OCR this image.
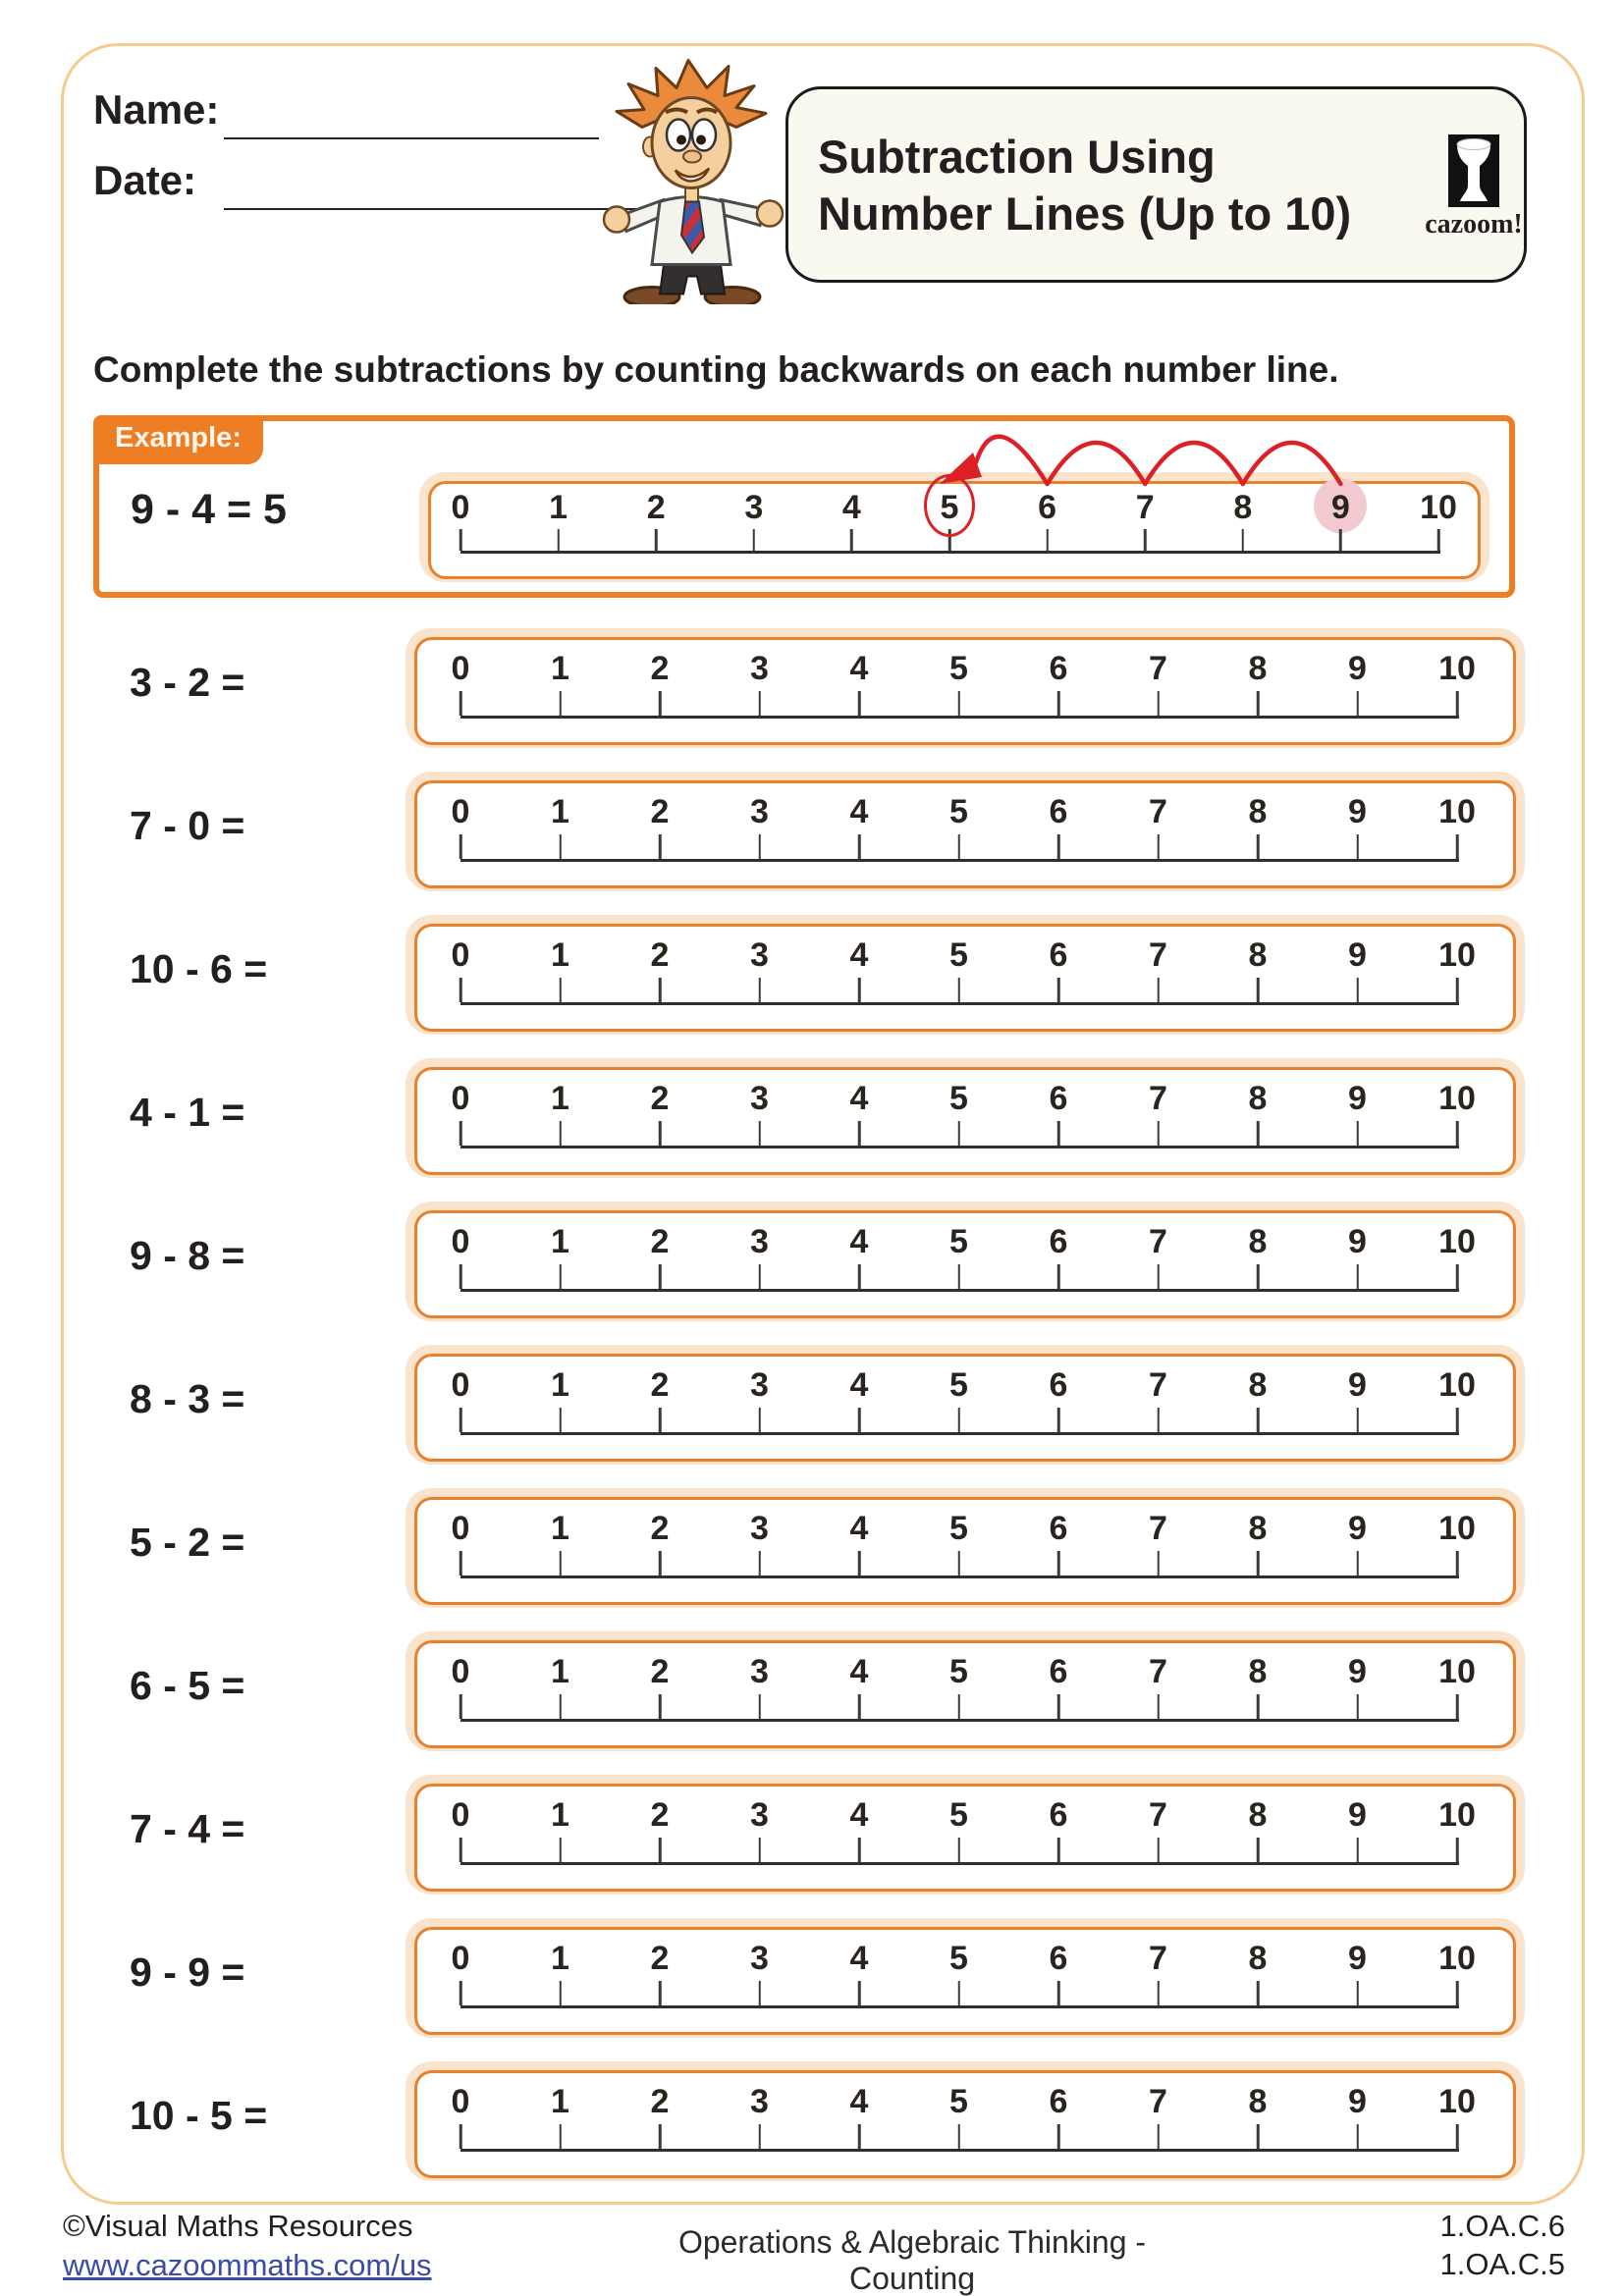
Name:
Date:	Subtraction Using
Number Lines (Up to 10)	cazoom!
Complete the subtractions by counting backwards on each number line.
Example:
9 - 4 = 5	0 1 2 3 4 5 6 7 8 9 10
3 - 2 =	0 1 2 3 4 5 6 7 8 9 10
7 - 0 =	0 1 2 3 4 5 6 7 8 9 10
10 - 6 =	0 1 2 3 4 5 6 7 8 9 10
4 - 1 =	0 1 2 3 4 5 6 7 8 9 10
9 - 8 =	0 1 2 3 4 5 6 7 8 9 10
8 - 3 =	0 1 2 3 4 5 6 7 8 9 10
5 - 2 =	0 1 2 3 4 5 6 7 8 9 10
6 - 5 =	0 1 2 3 4 5 6 7 8 9 10
7 - 4 =	0 1 2 3 4 5 6 7 8 9 10
9 - 9 =	0 1 2 3 4 5 6 7 8 9 10
10 - 5 =	0 1 2 3 4 5 6 7 8 9 10
©Visual Maths Resources
www.cazoommaths.com/us
Operations & Algebraic Thinking - Counting
1.OA.C.6
1.OA.C.5
